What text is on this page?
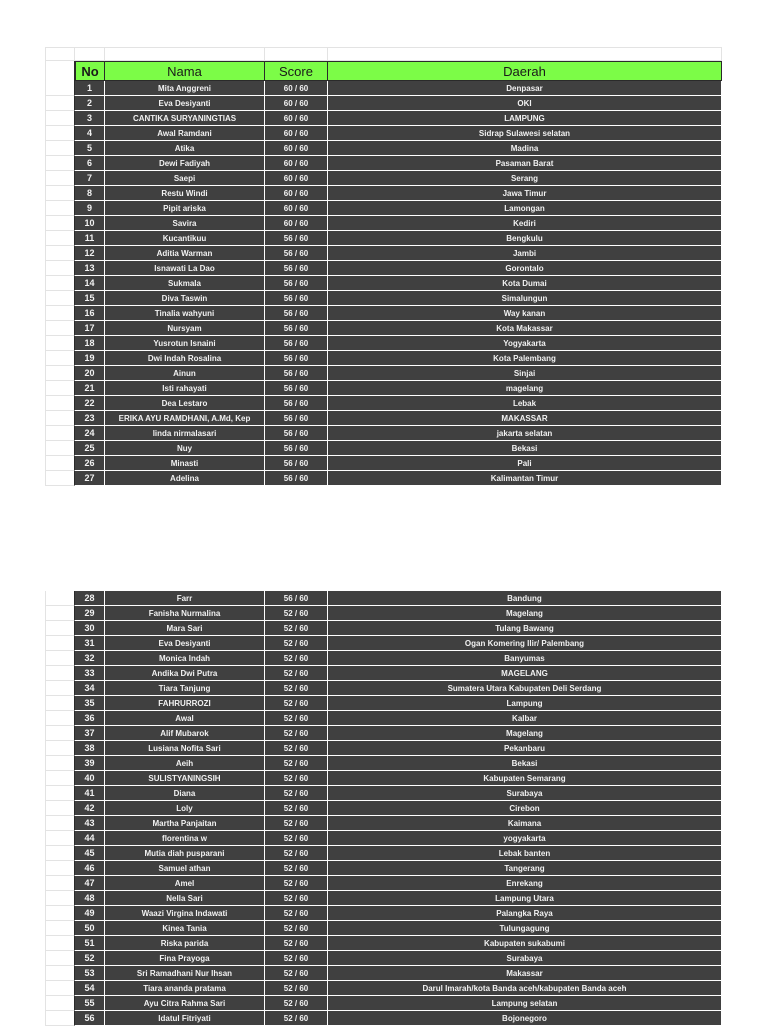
No	Nama	Score	Daerah
1	Mita Anggreni	60 / 60	Denpasar
2	Eva Desiyanti	60 / 60	OKI
3	CANTIKA SURYANINGTIAS	60 / 60	LAMPUNG
4	Awal Ramdani	60 / 60	Sidrap Sulawesi selatan
5	Atika	60 / 60	Madina
6	Dewi Fadiyah	60 / 60	Pasaman Barat
7	Saepi	60 / 60	Serang
8	Restu Windi	60 / 60	Jawa Timur
9	Pipit ariska	60 / 60	Lamongan
10	Savira	60 / 60	Kediri
11	Kucantikuu	56 / 60	Bengkulu
12	Aditia Warman	56 / 60	Jambi
13	Isnawati La Dao	56 / 60	Gorontalo
14	Sukmala	56 / 60	Kota Dumai
15	Diva Taswin	56 / 60	Simalungun
16	Tinalia wahyuni	56 / 60	Way kanan
17	Nursyam	56 / 60	Kota Makassar
18	Yusrotun Isnaini	56 / 60	Yogyakarta
19	Dwi Indah Rosalina	56 / 60	Kota Palembang
20	Ainun	56 / 60	Sinjai
21	Isti rahayati	56 / 60	magelang
22	Dea Lestaro	56 / 60	Lebak
23	ERIKA AYU RAMDHANI, A.Md, Kep	56 / 60	MAKASSAR
24	linda nirmalasari	56 / 60	jakarta selatan
25	Nuy	56 / 60	Bekasi
26	Minasti	56 / 60	Pali
27	Adelina	56 / 60	Kalimantan Timur
28	Farr	56 / 60	Bandung
29	Fanisha Nurmalina	52 / 60	Magelang
30	Mara Sari	52 / 60	Tulang Bawang
31	Eva Desiyanti	52 / 60	Ogan Komering Ilir/ Palembang
32	Monica Indah	52 / 60	Banyumas
33	Andika Dwi Putra	52 / 60	MAGELANG
34	Tiara Tanjung	52 / 60	Sumatera Utara Kabupaten Deli Serdang
35	FAHRURROZI	52 / 60	Lampung
36	Awal	52 / 60	Kalbar
37	Alif Mubarok	52 / 60	Magelang
38	Lusiana Nofita Sari	52 / 60	Pekanbaru
39	Aeih	52 / 60	Bekasi
40	SULISTYANINGSIH	52 / 60	Kabupaten Semarang
41	Diana	52 / 60	Surabaya
42	Loly	52 / 60	Cirebon
43	Martha Panjaitan	52 / 60	Kaimana
44	florentina w	52 / 60	yogyakarta
45	Mutia diah pusparani	52 / 60	Lebak banten
46	Samuel athan	52 / 60	Tangerang
47	Amel	52 / 60	Enrekang
48	Nella Sari	52 / 60	Lampung Utara
49	Waazi Virgina Indawati	52 / 60	Palangka Raya
50	Kinea Tania	52 / 60	Tulungagung
51	Riska parida	52 / 60	Kabupaten sukabumi
52	Fina Prayoga	52 / 60	Surabaya
53	Sri Ramadhani Nur Ihsan	52 / 60	Makassar
54	Tiara ananda pratama	52 / 60	Darul Imarah/kota Banda aceh/kabupaten Banda aceh
55	Ayu Citra Rahma Sari	52 / 60	Lampung selatan
56	Idatul Fitriyati	52 / 60	Bojonegoro
